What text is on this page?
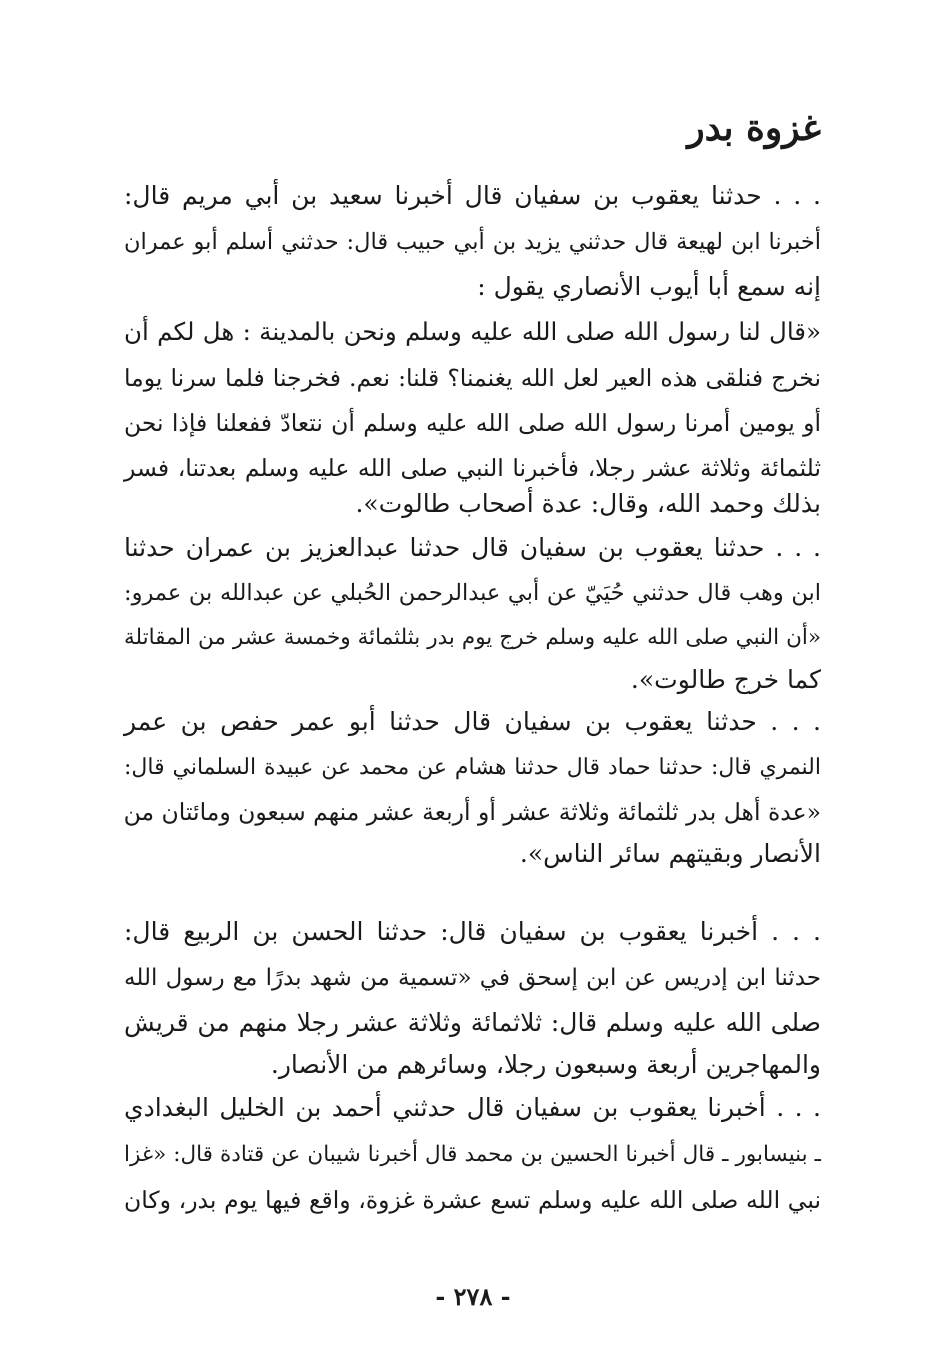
غزوة بدر

. . . حدثنا يعقوب بن سفيان قال أخبرنا سعيد بن أبي مريم قال:

أخبرنا ابن لهيعة قال حدثني يزيد بن أبي حبيب قال: حدثني أسلم أبو عمران

إنه سمع أبا أيوب الأنصاري يقول :

«قال لنا رسول الله صلى الله عليه وسلم ونحن بالمدينة : هل لكم أن

نخرج فنلقى هذه العير لعل الله يغنمنا؟ قلنا: نعم. فخرجنا فلما سرنا يوما

أو يومين أمرنا رسول الله صلى الله عليه وسلم أن نتعادّ ففعلنا فإذا نحن

ثلثمائة وثلاثة عشر رجلا، فأخبرنا النبي صلى الله عليه وسلم بعدتنا، فسر

بذلك وحمد الله، وقال: عدة أصحاب طالوت».

. . . حدثنا يعقوب بن سفيان قال حدثنا عبدالعزيز بن عمران حدثنا

ابن وهب قال حدثني حُيَيّ عن أبي عبدالرحمن الحُبلي عن عبدالله بن عمرو:

«أن النبي صلى الله عليه وسلم خرج يوم بدر بثلثمائة وخمسة عشر من المقاتلة

كما خرج طالوت».

. . . حدثنا يعقوب بن سفيان قال حدثنا أبو عمر حفص بن عمر

النمري قال: حدثنا حماد قال حدثنا هشام عن محمد عن عبيدة السلماني قال:

«عدة أهل بدر ثلثمائة وثلاثة عشر أو أربعة عشر منهم سبعون ومائتان من

الأنصار وبقيتهم سائر الناس».

. . . أخبرنا يعقوب بن سفيان قال: حدثنا الحسن بن الربيع قال:

حدثنا ابن إدريس عن ابن إسحق في «تسمية من شهد بدرًا مع رسول الله

صلى الله عليه وسلم قال: ثلاثمائة وثلاثة عشر رجلا منهم من قريش

والمهاجرين أربعة وسبعون رجلا، وسائرهم من الأنصار.

. . . أخبرنا يعقوب بن سفيان قال حدثني أحمد بن الخليل البغدادي

ـ بنيسابور ـ قال أخبرنا الحسين بن محمد قال أخبرنا شيبان عن قتادة قال: «غزا

نبي الله صلى الله عليه وسلم تسع عشرة غزوة، واقع فيها يوم بدر، وكان

- ٢٧٨ -
